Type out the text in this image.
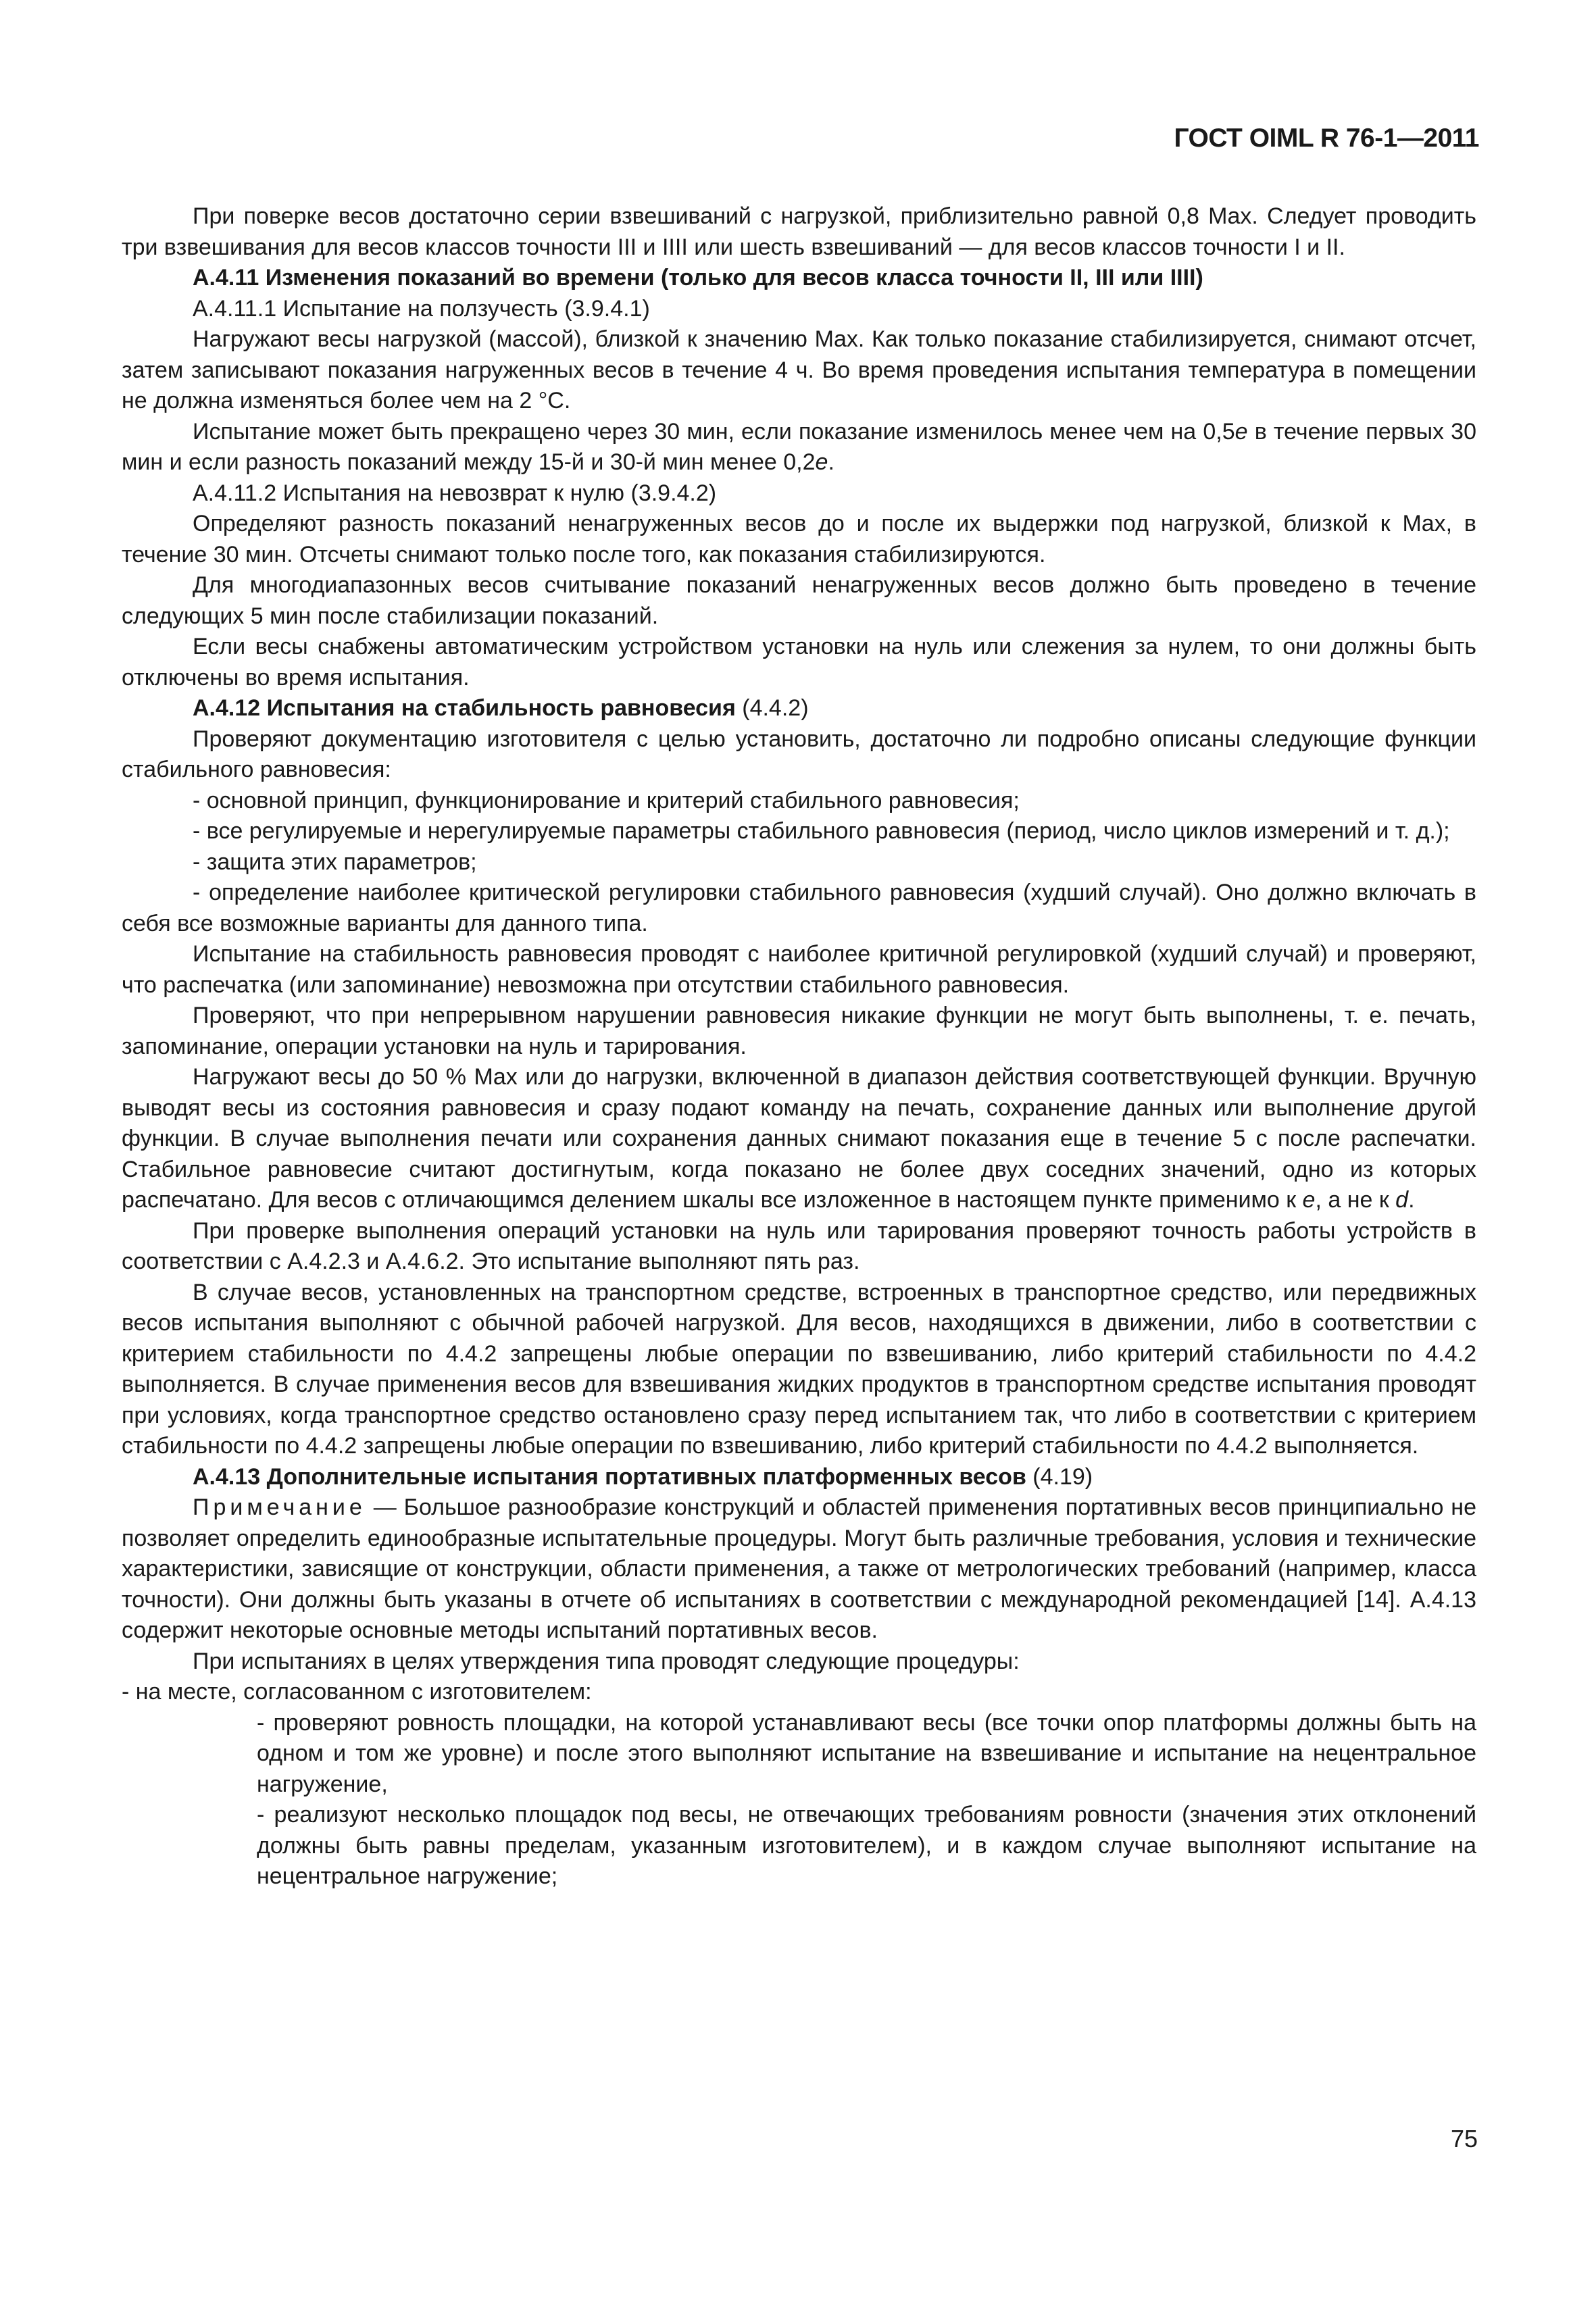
ГОСТ OIML R 76-1—2011

При поверке весов достаточно серии взвешиваний с нагрузкой, приблизительно равной 0,8 Max. Следует проводить три взвешивания для весов классов точности III и IIII или шесть взвешиваний — для весов классов точности I и II.

А.4.11 Изменения показаний во времени (только для весов класса точности II, III или IIII)

А.4.11.1 Испытание на ползучесть (3.9.4.1)

Нагружают весы нагрузкой (массой), близкой к значению Max. Как только показание стабилизируется, снимают отсчет, затем записывают показания нагруженных весов в течение 4 ч. Во время проведения испытания температура в помещении не должна изменяться более чем на 2 °С.

Испытание может быть прекращено через 30 мин, если показание изменилось менее чем на 0,5e в течение первых 30 мин и если разность показаний между 15-й и 30-й мин менее 0,2e.

А.4.11.2 Испытания на невозврат к нулю (3.9.4.2)

Определяют разность показаний ненагруженных весов до и после их выдержки под нагрузкой, близкой к Max, в течение 30 мин. Отсчеты снимают только после того, как показания стабилизируются.

Для многодиапазонных весов считывание показаний ненагруженных весов должно быть проведено в течение следующих 5 мин после стабилизации показаний.

Если весы снабжены автоматическим устройством установки на нуль или слежения за нулем, то они должны быть отключены во время испытания.

А.4.12 Испытания на стабильность равновесия (4.4.2)

Проверяют документацию изготовителя с целью установить, достаточно ли подробно описаны следующие функции стабильного равновесия:

- основной принцип, функционирование и критерий стабильного равновесия;

- все регулируемые и нерегулируемые параметры стабильного равновесия (период, число циклов измерений и т. д.);

- защита этих параметров;

- определение наиболее критической регулировки стабильного равновесия (худший случай). Оно должно включать в себя все возможные варианты для данного типа.

Испытание на стабильность равновесия проводят с наиболее критичной регулировкой (худший случай) и проверяют, что распечатка (или запоминание) невозможна при отсутствии стабильного равновесия.

Проверяют, что при непрерывном нарушении равновесия никакие функции не могут быть выполнены, т. е. печать, запоминание, операции установки на нуль и тарирования.

Нагружают весы до 50 % Max или до нагрузки, включенной в диапазон действия соответствующей функции. Вручную выводят весы из состояния равновесия и сразу подают команду на печать, сохранение данных или выполнение другой функции. В случае выполнения печати или сохранения данных снимают показания еще в течение 5 с после распечатки. Стабильное равновесие считают достигнутым, когда показано не более двух соседних значений, одно из которых распечатано. Для весов с отличающимся делением шкалы все изложенное в настоящем пункте применимо к e, а не к d.

При проверке выполнения операций установки на нуль или тарирования проверяют точность работы устройств в соответствии с А.4.2.3 и А.4.6.2. Это испытание выполняют пять раз.

В случае весов, установленных на транспортном средстве, встроенных в транспортное средство, или передвижных весов испытания выполняют с обычной рабочей нагрузкой. Для весов, находящихся в движении, либо в соответствии с критерием стабильности по 4.4.2 запрещены любые операции по взвешиванию, либо критерий стабильности по 4.4.2 выполняется. В случае применения весов для взвешивания жидких продуктов в транспортном средстве испытания проводят при условиях, когда транспортное средство остановлено сразу перед испытанием так, что либо в соответствии с критерием стабильности по 4.4.2 запрещены любые операции по взвешиванию, либо критерий стабильности по 4.4.2 выполняется.

А.4.13 Дополнительные испытания портативных платформенных весов (4.19)

Примечание — Большое разнообразие конструкций и областей применения портативных весов принципиально не позволяет определить единообразные испытательные процедуры. Могут быть различные требования, условия и технические характеристики, зависящие от конструкции, области применения, а также от метрологических требований (например, класса точности). Они должны быть указаны в отчете об испытаниях в соответствии с международной рекомендацией [14]. А.4.13 содержит некоторые основные методы испытаний портативных весов.

При испытаниях в целях утверждения типа проводят следующие процедуры:

- на месте, согласованном с изготовителем:

- проверяют ровность площадки, на которой устанавливают весы (все точки опор платформы должны быть на одном и том же уровне) и после этого выполняют испытание на взвешивание и испытание на нецентральное нагружение,

- реализуют несколько площадок под весы, не отвечающих требованиям ровности (значения этих отклонений должны быть равны пределам, указанным изготовителем), и в каждом случае выполняют испытание на нецентральное нагружение;

75
